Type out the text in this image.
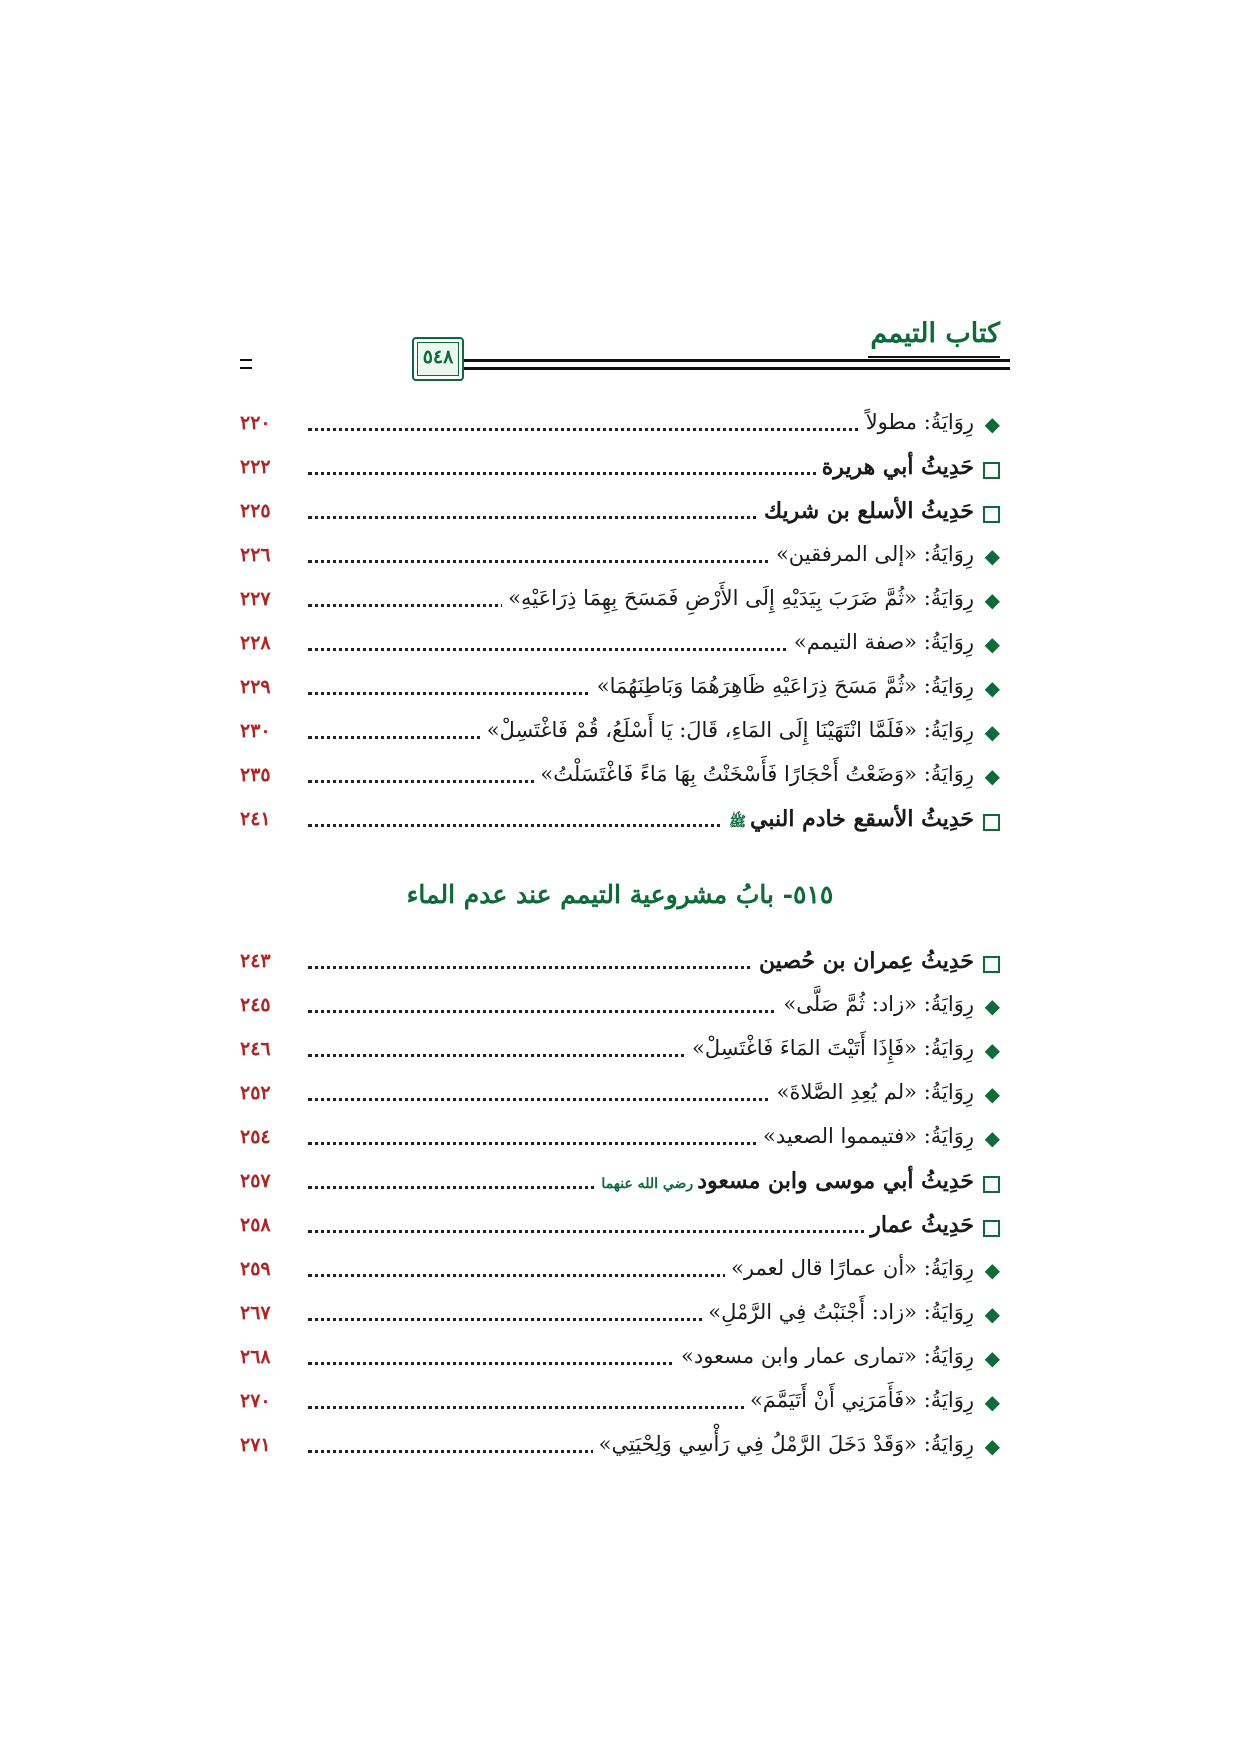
كتاب التيمم
٥٤٨
◆
رِوَايَةُ: مطولاً
٢٢٠
حَدِيثُ أبي هريرة
٢٢٢
حَدِيثُ الأسلع بن شريك
٢٢٥
◆
رِوَايَةُ: «إلى المرفقين»
٢٢٦
◆
رِوَايَةُ: «ثُمَّ ضَرَبَ بِيَدَيْهِ إِلَى الأَرْضِ فَمَسَحَ بِهِمَا ذِرَاعَيْهِ»
٢٢٧
◆
رِوَايَةُ: «صفة التيمم»
٢٢٨
◆
رِوَايَةُ: «ثُمَّ مَسَحَ ذِرَاعَيْهِ ظَاهِرَهُمَا وَبَاطِنَهُمَا»
٢٢٩
◆
رِوَايَةُ: «فَلَمَّا انْتَهَيْنَا إِلَى المَاءِ، قَالَ: يَا أَسْلَعُ، قُمْ فَاغْتَسِلْ»
٢٣٠
◆
رِوَايَةُ: «وَضَعْتُ أَحْجَارًا فَأَسْخَنْتُ بِهَا مَاءً فَاغْتَسَلْتُ»
٢٣٥
حَدِيثُ الأسقع خادم النبيﷺ
٢٤١
٥١٥- بابُ مشروعية التيمم عند عدم الماء
حَدِيثُ عِمران بن حُصين
٢٤٣
◆
رِوَايَةُ: «زاد: ثُمَّ صَلَّى»
٢٤٥
◆
رِوَايَةُ: «فَإِذَا أَتَيْتَ المَاءَ فَاغْتَسِلْ»
٢٤٦
◆
رِوَايَةُ: «لم يُعِدِ الصَّلاةَ»
٢٥٢
◆
رِوَايَةُ: «فتيمموا الصعيد»
٢٥٤
حَدِيثُ أبي موسى وابن مسعودرضي الله عنهما
٢٥٧
حَدِيثُ عمار
٢٥٨
◆
رِوَايَةُ: «أن عمارًا قال لعمر»
٢٥٩
◆
رِوَايَةُ: «زاد: أَجْنَبْتُ فِي الرَّمْلِ»
٢٦٧
◆
رِوَايَةُ: «تمارى عمار وابن مسعود»
٢٦٨
◆
رِوَايَةُ: «فَأَمَرَنِي أَنْ أَتَيَمَّمَ»
٢٧٠
◆
رِوَايَةُ: «وَقَدْ دَخَلَ الرَّمْلُ فِي رَأْسِي وَلِحْيَتِي»
٢٧١
